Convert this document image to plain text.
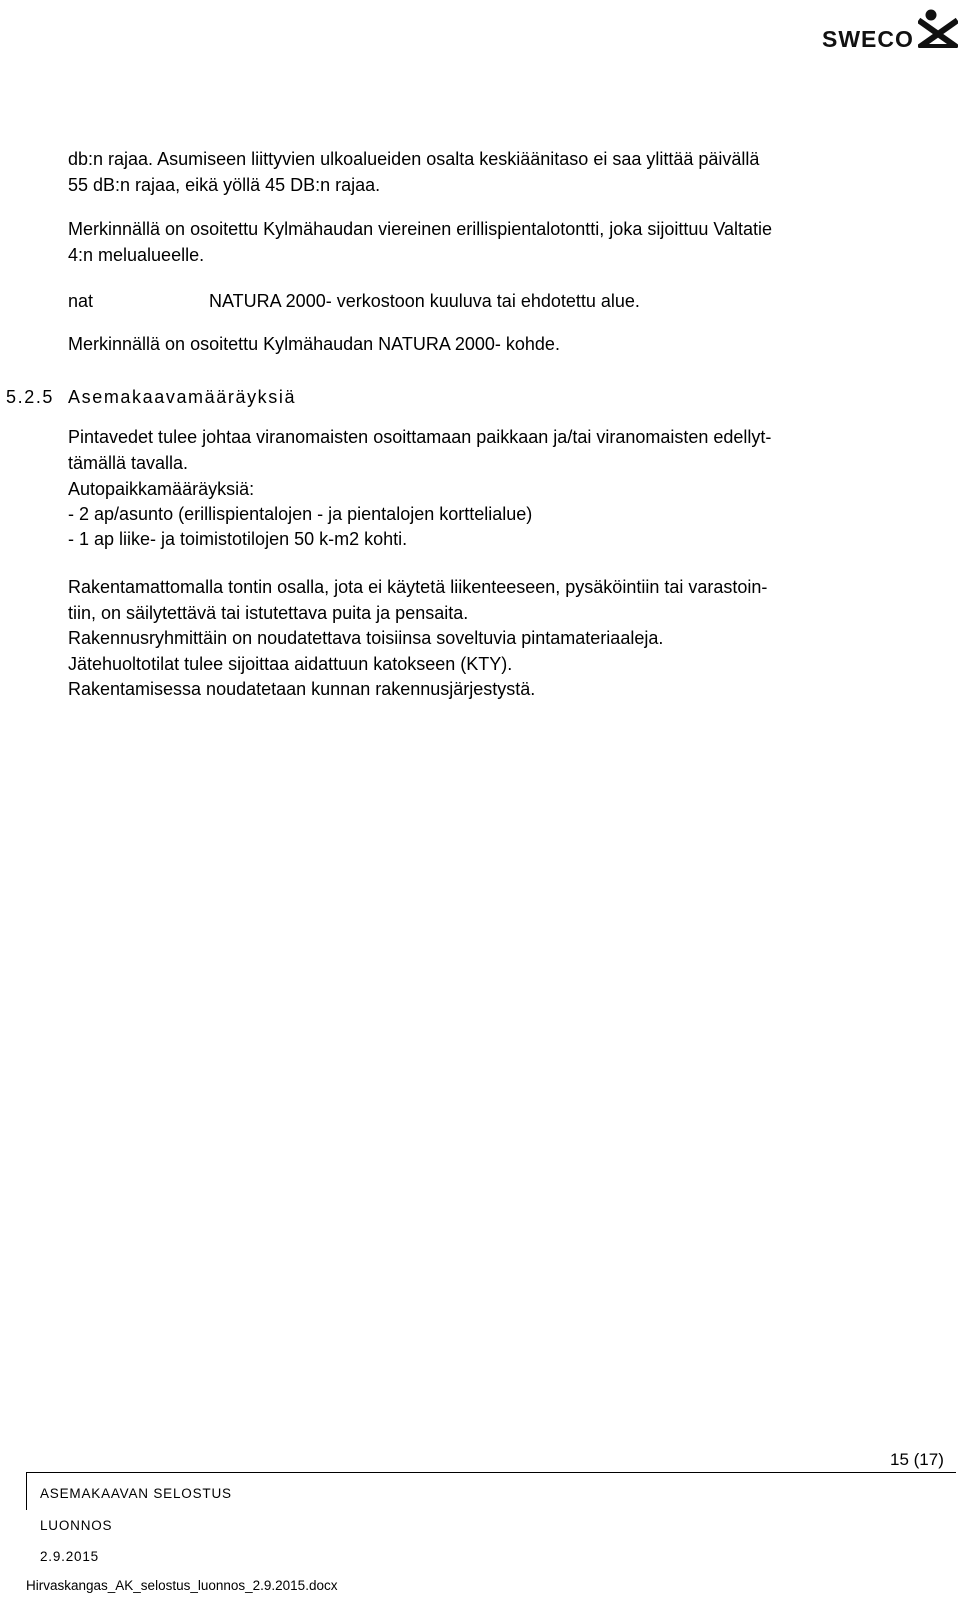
SWECO
db:n rajaa. Asumiseen liittyvien ulkoalueiden osalta keskiäänitaso ei saa ylittää päivällä
55 dB:n rajaa, eikä yöllä 45 DB:n rajaa.
Merkinnällä on osoitettu Kylmähaudan viereinen erillispientalotontti, joka sijoittuu Valtatie
4:n melualueelle.
nat	NATURA 2000- verkostoon kuuluva tai ehdotettu alue.
Merkinnällä on osoitettu Kylmähaudan NATURA 2000- kohde.
5.2.5 Asemakaavamääräyksiä
Pintavedet tulee johtaa viranomaisten osoittamaan paikkaan ja/tai viranomaisten edellyt-
tämällä tavalla.
Autopaikkamääräyksiä:
- 2 ap/asunto (erillispientalojen - ja pientalojen korttelialue)
- 1 ap liike- ja toimistotilojen 50 k-m2 kohti.
Rakentamattomalla tontin osalla, jota ei käytetä liikenteeseen, pysäköintiin tai varastoin-
tiin, on säilytettävä tai istutettava puita ja pensaita.
Rakennusryhmittäin on noudatettava toisiinsa soveltuvia pintamateriaaleja.
Jätehuoltotilat tulee sijoittaa aidattuun katokseen (KTY).
Rakentamisessa noudatetaan kunnan rakennusjärjestystä.
15 (17)
ASEMAKAAVAN SELOSTUS
LUONNOS
2.9.2015
Hirvaskangas_AK_selostus_luonnos_2.9.2015.docx
